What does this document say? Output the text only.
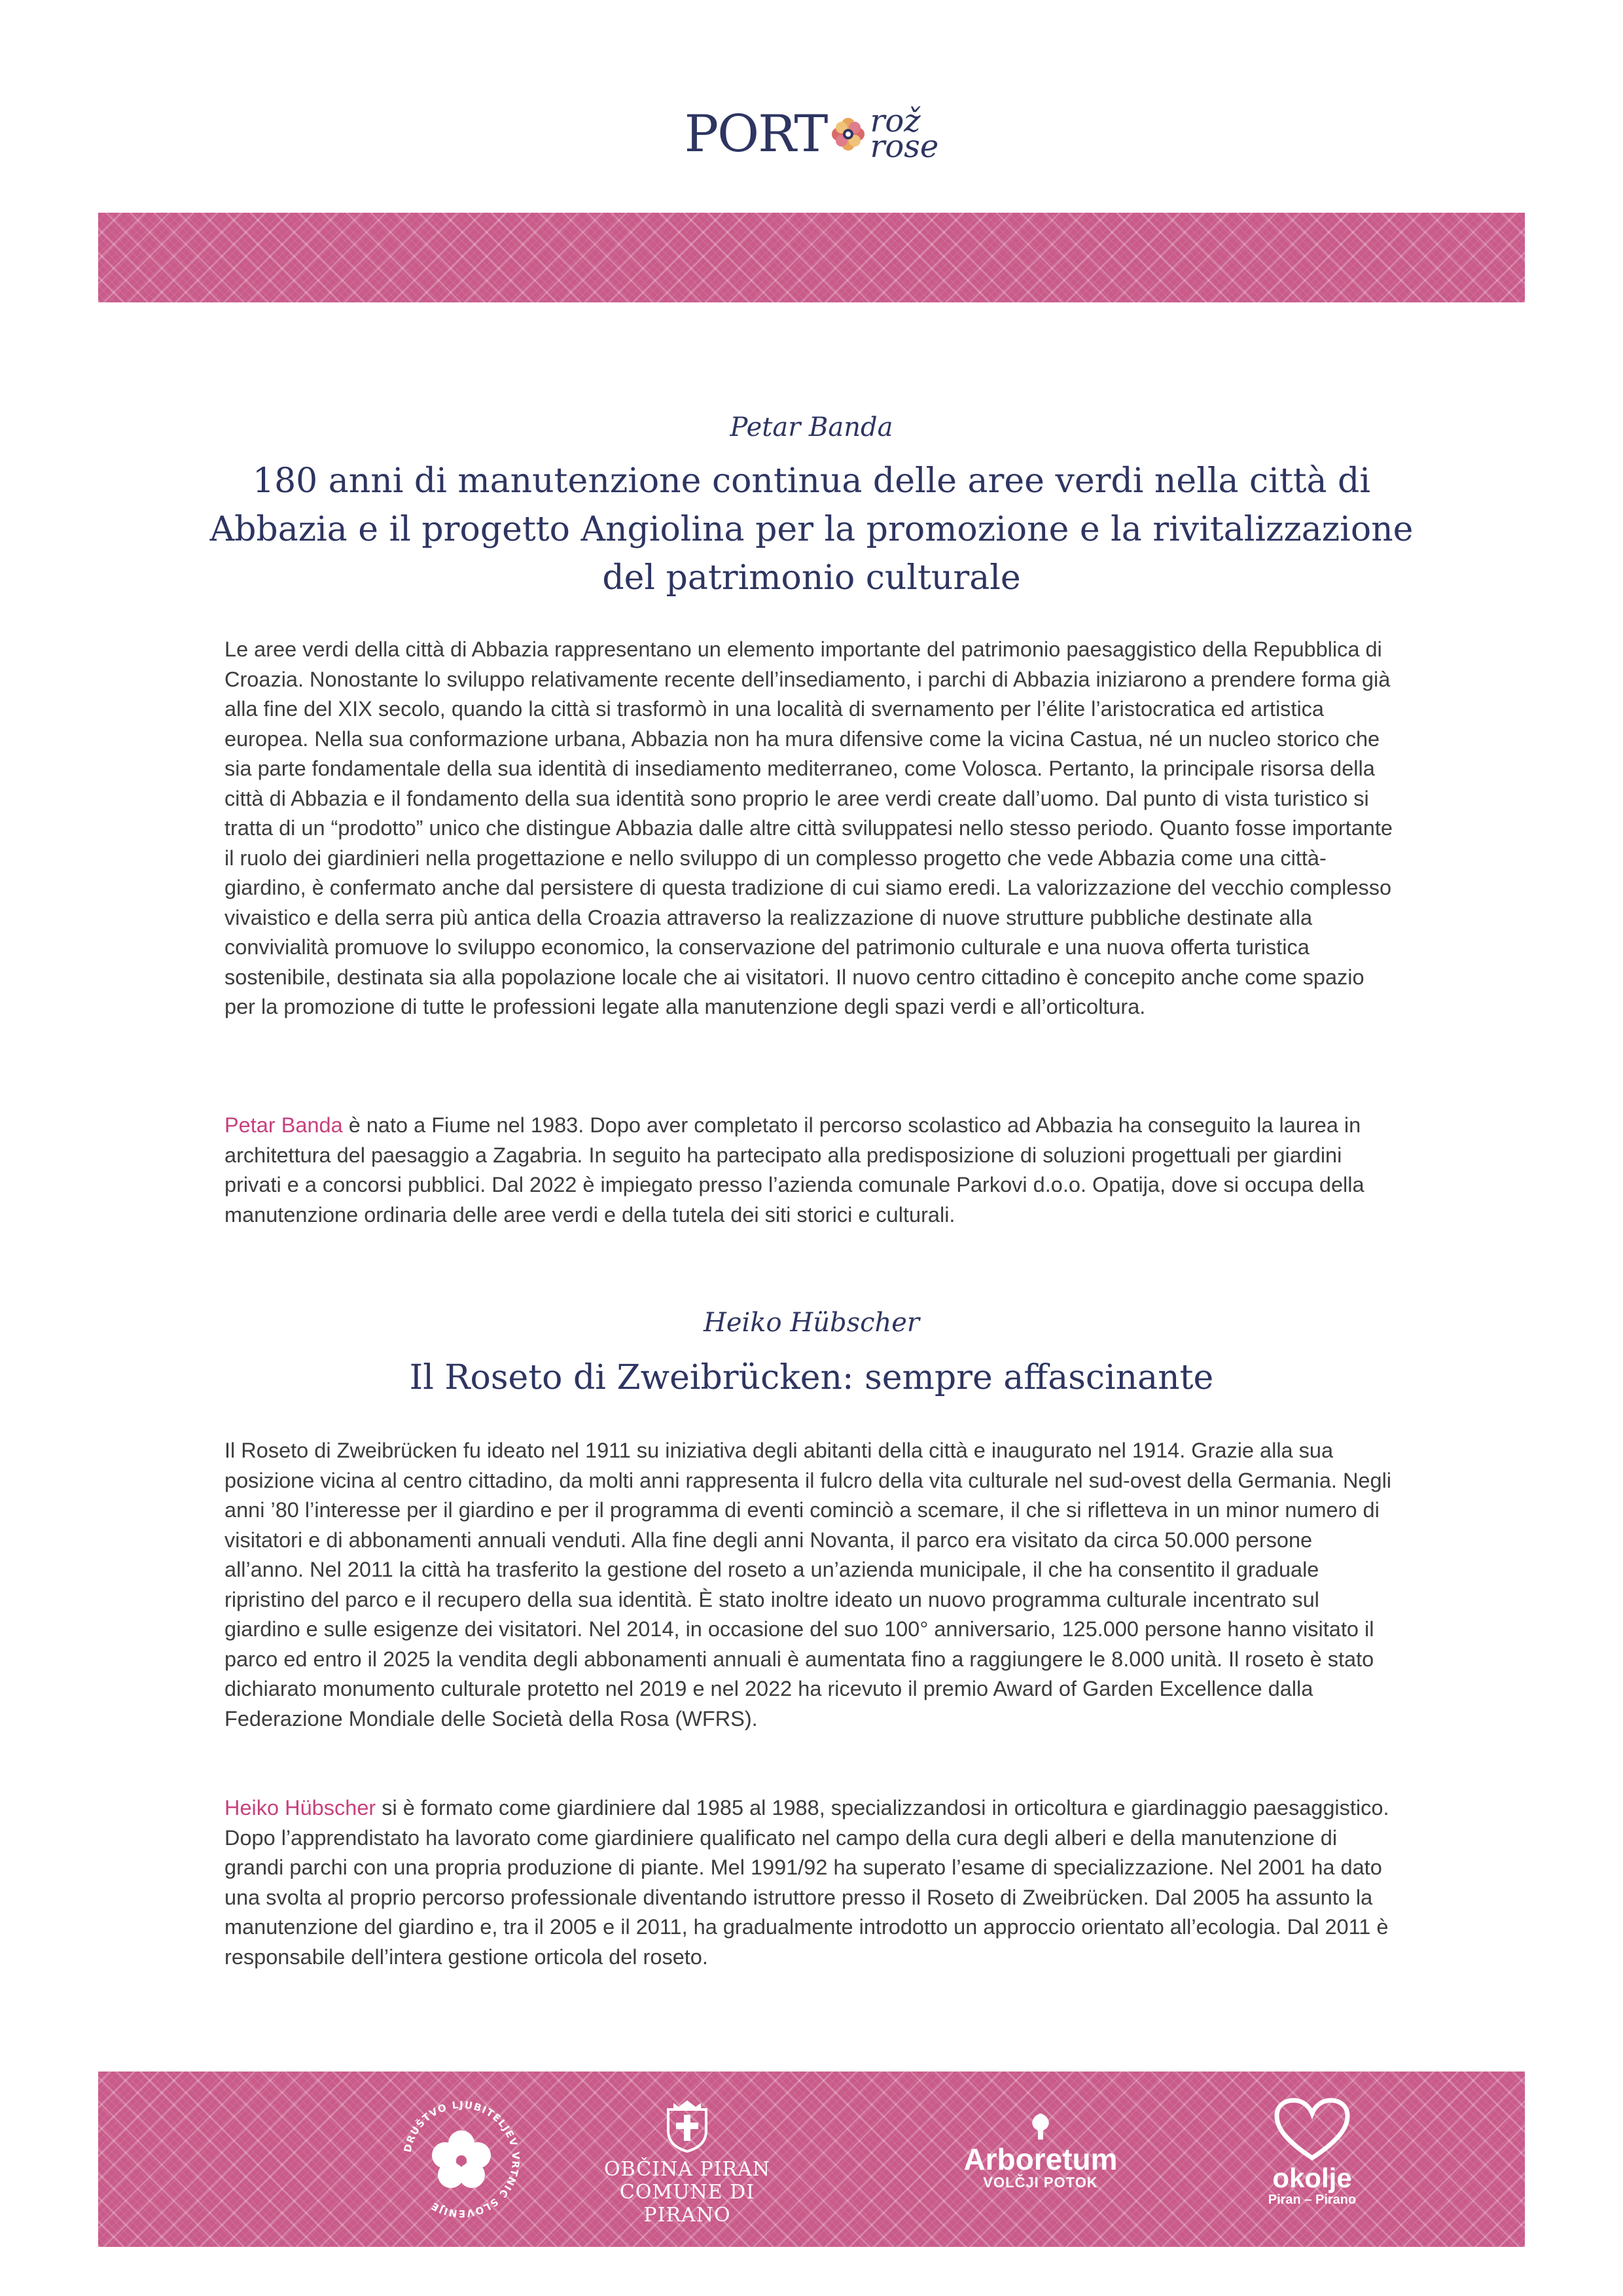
PORT rož
rose
Petar Banda
180 anni di manutenzione continua delle aree verdi nella città di Abbazia e il progetto Angiolina per la promozione e la rivitalizzazione del patrimonio culturale

Le aree verdi della città di Abbazia rappresentano un elemento importante del patrimonio paesaggistico della Repubblica di Croazia. Nonostante lo sviluppo relativamente recente dell’insediamento, i parchi di Abbazia iniziarono a prendere forma già alla fine del XIX secolo, quando la città si trasformò in una località di svernamento per l’élite l’aristocratica ed artistica europea. Nella sua conformazione urbana, Abbazia non ha mura difensive come la vicina Castua, né un nucleo storico che sia parte fondamentale della sua identità di insediamento mediterraneo, come Volosca. Pertanto, la principale risorsa della città di Abbazia e il fondamento della sua identità sono proprio le aree verdi create dall’uomo. Dal punto di vista turistico si tratta di un “prodotto” unico che distingue Abbazia dalle altre città sviluppatesi nello stesso periodo. Quanto fosse importante il ruolo dei giardinieri nella progettazione e nello sviluppo di un complesso progetto che vede Abbazia come una città-giardino, è confermato anche dal persistere di questa tradizione di cui siamo eredi. La valorizzazione del vecchio complesso vivaistico e della serra più antica della Croazia attraverso la realizzazione di nuove strutture pubbliche destinate alla convivialità promuove lo sviluppo economico, la conservazione del patrimonio culturale e una nuova offerta turistica sostenibile, destinata sia alla popolazione locale che ai visitatori. Il nuovo centro cittadino è concepito anche come spazio per la promozione di tutte le professioni legate alla manutenzione degli spazi verdi e all’orticoltura.

Petar Banda è nato a Fiume nel 1983. Dopo aver completato il percorso scolastico ad Abbazia ha conseguito la laurea in architettura del paesaggio a Zagabria. In seguito ha partecipato alla predisposizione di soluzioni progettuali per giardini privati e a concorsi pubblici. Dal 2022 è impiegato presso l’azienda comunale Parkovi d.o.o. Opatija, dove si occupa della manutenzione ordinaria delle aree verdi e della tutela dei siti storici e culturali.

Heiko Hübscher
Il Roseto di Zweibrücken: sempre affascinante

Il Roseto di Zweibrücken fu ideato nel 1911 su iniziativa degli abitanti della città e inaugurato nel 1914. Grazie alla sua posizione vicina al centro cittadino, da molti anni rappresenta il fulcro della vita culturale nel sud-ovest della Germania. Negli anni ’80 l’interesse per il giardino e per il programma di eventi cominciò a scemare, il che si rifletteva in un minor numero di visitatori e di abbonamenti annuali venduti. Alla fine degli anni Novanta, il parco era visitato da circa 50.000 persone all’anno. Nel 2011 la città ha trasferito la gestione del roseto a un’azienda municipale, il che ha consentito il graduale ripristino del parco e il recupero della sua identità. È stato inoltre ideato un nuovo programma culturale incentrato sul giardino e sulle esigenze dei visitatori. Nel 2014, in occasione del suo 100° anniversario, 125.000 persone hanno visitato il parco ed entro il 2025 la vendita degli abbonamenti annuali è aumentata fino a raggiungere le 8.000 unità. Il roseto è stato dichiarato monumento culturale protetto nel 2019 e nel 2022 ha ricevuto il premio Award of Garden Excellence dalla Federazione Mondiale delle Società della Rosa (WFRS).

Heiko Hübscher si è formato come giardiniere dal 1985 al 1988, specializzandosi in orticoltura e giardinaggio paesaggistico. Dopo l’apprendistato ha lavorato come giardiniere qualificato nel campo della cura degli alberi e della manutenzione di grandi parchi con una propria produzione di piante. Mel 1991/92 ha superato l’esame di specializzazione. Nel 2001 ha dato una svolta al proprio percorso professionale diventando istruttore presso il Roseto di Zweibrücken. Dal 2005 ha assunto la manutenzione del giardino e, tra il 2005 e il 2011, ha gradualmente introdotto un approccio orientato all’ecologia. Dal 2011 è responsabile dell’intera gestione orticola del roseto.

DRUŠTVO LJUBITELJEV VRTNIC SLOVENIJE
OBČINA PIRAN
COMUNE DI PIRANO
Arboretum
VOLČJI POTOK	okolje
Piran – Pirano
